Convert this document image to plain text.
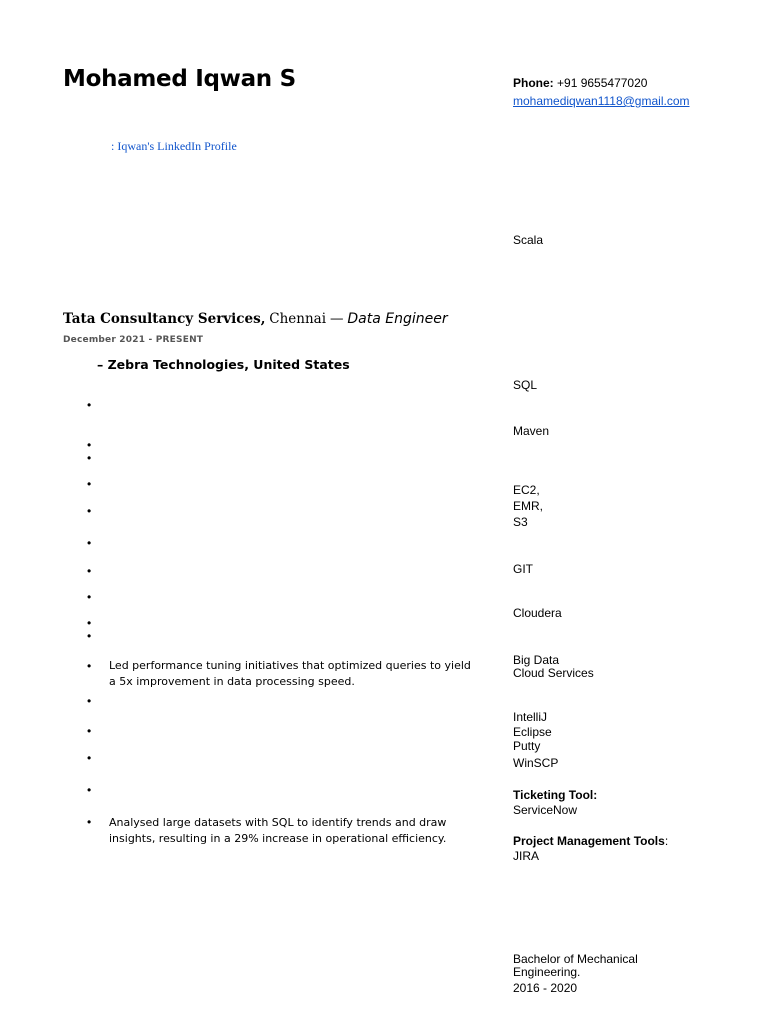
Mohamed Iqwan S
: Iqwan's LinkedIn Profile
Phone: +91 9655477020
mohamediqwan1118@gmail.com
Tata Consultancy Services, Chennai — Data Engineer
December 2021 - PRESENT
– Zebra Technologies, United States
•
•
•
•
•
•
•
•
•
•
• Led performance tuning initiatives that optimized queries to yield a 5x improvement in data processing speed.
•
•
•
•
• Analysed large datasets with SQL to identify trends and draw insights, resulting in a 29% increase in operational efficiency.
Scala
SQL
Maven
EC2,
EMR,
S3
GIT
Cloudera
Big Data
Cloud Services
IntelliJ
Eclipse
Putty
WinSCP
Ticketing Tool:
ServiceNow
Project Management Tools:
JIRA
Bachelor of Mechanical
Engineering.
2016 - 2020
